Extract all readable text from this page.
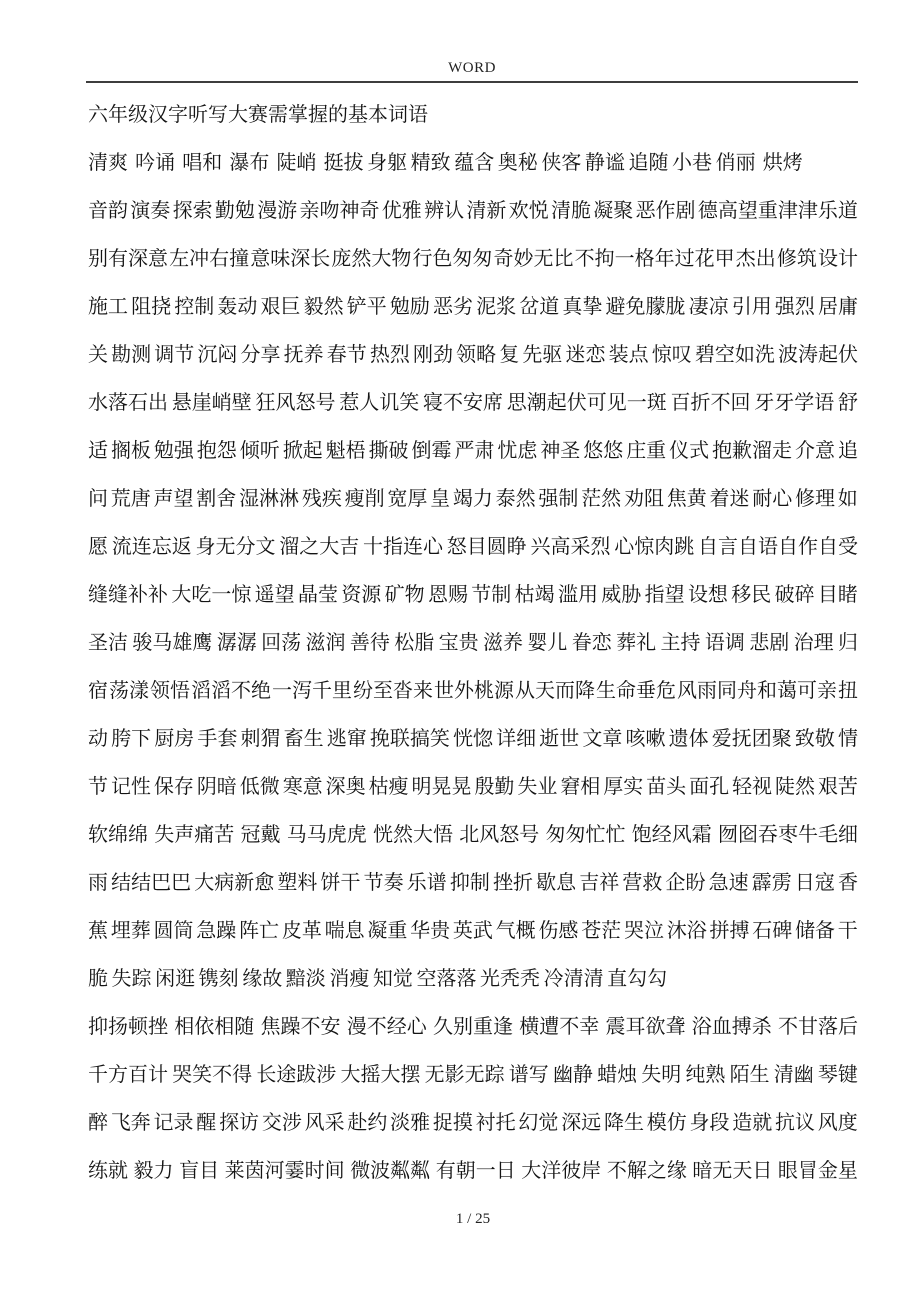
WORD
六年级汉字听写大赛需掌握的基本词语
清爽  吟诵  唱和  瀑布  陡峭  挺拔 身躯 精致 蕴含 奥秘 侠客 静谧 追随 小巷 俏丽  烘烤
音韵 演奏 探索 勤勉 漫游 亲吻神奇 优雅 辨认 清新 欢悦 清脆 凝聚 恶作剧 德高望重津津乐道
别有深意 左冲右撞 意味深长 庞然大物 行色匆匆 奇妙无比 不拘一格年过花甲 杰出 修筑 设计
施工 阻挠 控制 轰动 艰巨 毅然 铲平 勉励 恶劣 泥浆 岔道 真挚 避免朦胧 凄凉 引用 强烈 居庸
关 勘测 调节 沉闷 分享 抚养 春节 热烈 刚劲 领略 复 先驱 迷恋 装点 惊叹 碧空如洗 波涛起伏
水落石出 悬崖峭壁 狂风怒号 惹人讥笑 寝不安席 思潮起伏可见一斑 百折不回 牙牙学语 舒
适 搁板 勉强 抱怨 倾听 掀起 魁梧 撕破 倒霉 严肃 忧虑 神圣 悠悠 庄重 仪式 抱歉溜走 介意 追
问 荒唐 声望 割舍 湿淋淋 残疾 瘦削 宽厚 皇 竭力 泰然 强制 茫然 劝阻 焦黄 着迷 耐心 修理 如
愿 流连忘返 身无分文 溜之大吉 十指连心 怒目圆睁 兴高采烈 心惊肉跳 自言自语自作自受
缝缝补补 大吃一惊 遥望 晶莹 资源 矿物 恩赐 节制 枯竭 滥用 威胁 指望 设想 移民 破碎 目睹
圣洁 骏马雄鹰 潺潺 回荡 滋润 善待 松脂 宝贵 滋养 婴儿 眷恋 葬礼 主持 语调 悲剧 治理 归
宿 荡漾 领悟 滔滔不绝 一泻千里 纷至沓来 世外桃源 从天而降 生命垂危 风雨同舟和蔼可亲 扭
动 胯下 厨房 手套 刺猬 畜生 逃窜 挽联搞笑 恍惚 详细 逝世 文章 咳嗽 遗体 爱抚团聚 致敬 情
节 记性 保存 阴暗 低微 寒意 深奥 枯瘦 明晃晃 殷勤 失业 窘相 厚实 苗头 面孔 轻视 陡然 艰苦
软绵绵 失声痛苦 冠戴 马马虎虎 恍然大悟 北风怒号 匆匆忙忙 饱经风霜 囫囵吞枣牛毛细
雨 结结巴巴 大病新愈 塑料 饼干 节奏 乐谱 抑制 挫折 歇息 吉祥 营救 企盼 急速 霹雳 日寇 香
蕉 埋葬 圆筒 急躁 阵亡 皮革 喘息 凝重 华贵 英武 气概 伤感 苍茫 哭泣 沐浴 拼搏 石碑 储备 干
脆 失踪 闲逛 镌刻 缘故 黯淡 消瘦 知觉 空落落 光秃秃 冷清清 直勾勾
抑扬顿挫 相依相随 焦躁不安 漫不经心 久别重逢 横遭不幸 震耳欲聋 浴血搏杀 不甘落后
千方百计 哭笑不得 长途跋涉 大摇大摆 无影无踪 谱写 幽静 蜡烛 失明 纯熟 陌生 清幽 琴键
醉 飞奔 记录 醒 探访 交涉 风采 赴约 淡雅 捉摸 衬托 幻觉 深远 降生 模仿 身段 造就 抗议 风度
练就 毅力 盲目 莱茵河霎时间 微波粼粼 有朝一日 大洋彼岸 不解之缘 暗无天日 眼冒金星
1 / 25
